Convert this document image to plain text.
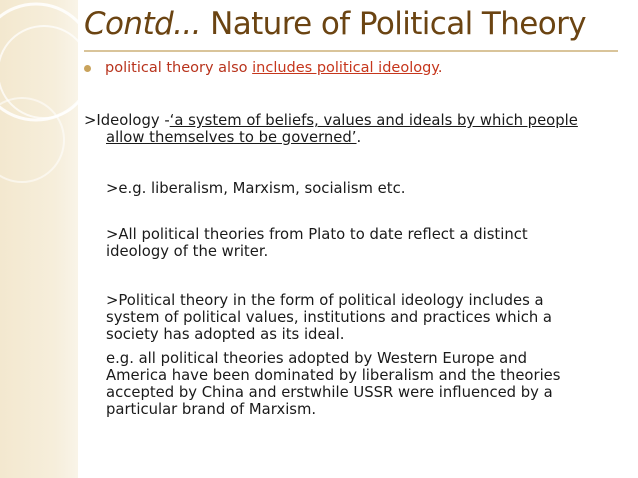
Contd... Nature of Political Theory
political theory also includes political ideology.
>Ideology -‘a system of beliefs, values and ideals by which people
allow themselves to be governed’.
>e.g. liberalism, Marxism, socialism etc.
>All political theories from Plato to date reflect a distinct
ideology of the writer.
>Political theory in the form of political ideology includes a
system of political values, institutions and practices which a
society has adopted as its ideal.
e.g. all political theories adopted by Western Europe and
America have been dominated by liberalism and the theories
accepted by China and erstwhile USSR were influenced by a
particular brand of Marxism.
